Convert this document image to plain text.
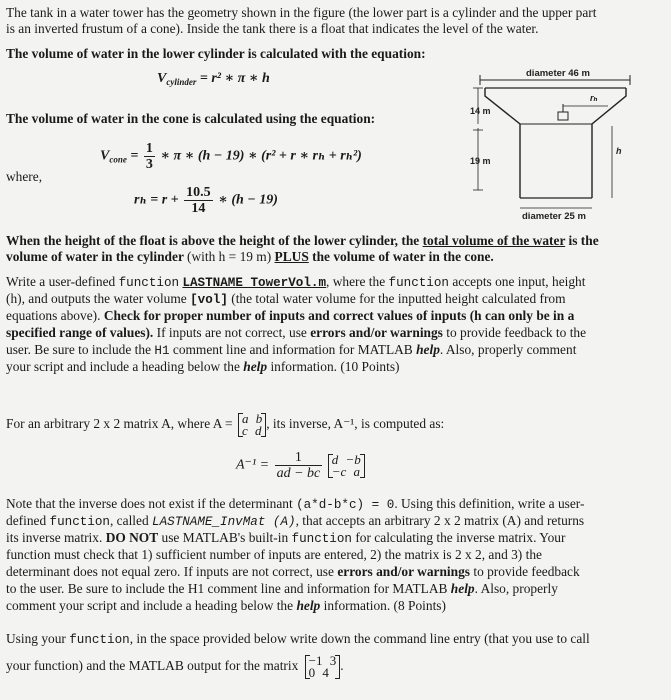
The tank in a water tower has the geometry shown in the figure (the lower part is a cylinder and the upper part
is an inverted frustum of a cone). Inside the tank there is a float that indicates the level of the water.
The volume of water in the lower cylinder is calculated with the equation:
$V_{cylinder} = r^2$ ∗ π ∗ h
The volume of water in the cone is calculated using the equation:
$V_{cone} = \frac{1}{3}$ ∗ π ∗ (h − 19) ∗ (r² + r ∗ rₕ + rₕ²)
where,
$r_h = r + \frac{10.5}{14}$ ∗ (h − 19)
diameter 46 m
rₕ
h
14 m
19 m
diameter 25 m
When the height of the float is above the height of the lower cylinder, the total volume of the water is the
volume of water in the cylinder (with h = 19 m) PLUS the volume of water in the cone.
Write a user-defined function LASTNAME_TowerVol.m, where the function accepts one input, height
(h), and outputs the water volume [vol] (the total water volume for the inputted height calculated from
equations above). Check for proper number of inputs and correct values of inputs (h can only be in a
specified range of values). If inputs are not correct, use errors and/or warnings to provide feedback to the
user. Be sure to include the H1 comment line and information for MATLAB help. Also, properly comment
your script and include a heading below the help information. (10 Points)
For an arbitrary 2 x 2 matrix A, where A = a b
c d , its inverse, A⁻¹, is computed as:
$A^{-1} = \frac{1}{ad - bc}$
d −b
−c a
Note that the inverse does not exist if the determinant (a*d-b*c) = 0. Using this definition, write a user-
defined function, called LASTNAME_InvMat (A), that accepts an arbitrary 2 x 2 matrix (A) and returns
its inverse matrix. DO NOT use MATLAB's built-in function for calculating the inverse matrix. Your
function must check that 1) sufficient number of inputs are entered, 2) the matrix is 2 x 2, and 3) the
determinant does not equal zero. If inputs are not correct, use errors and/or warnings to provide feedback
to the user. Be sure to include the H1 comment line and information for MATLAB help. Also, properly
comment your script and include a heading below the help information. (8 Points)
Using your function, in the space provided below write down the command line entry (that you use to call
your function) and the MATLAB output for the matrix −1 3
0 4 .
